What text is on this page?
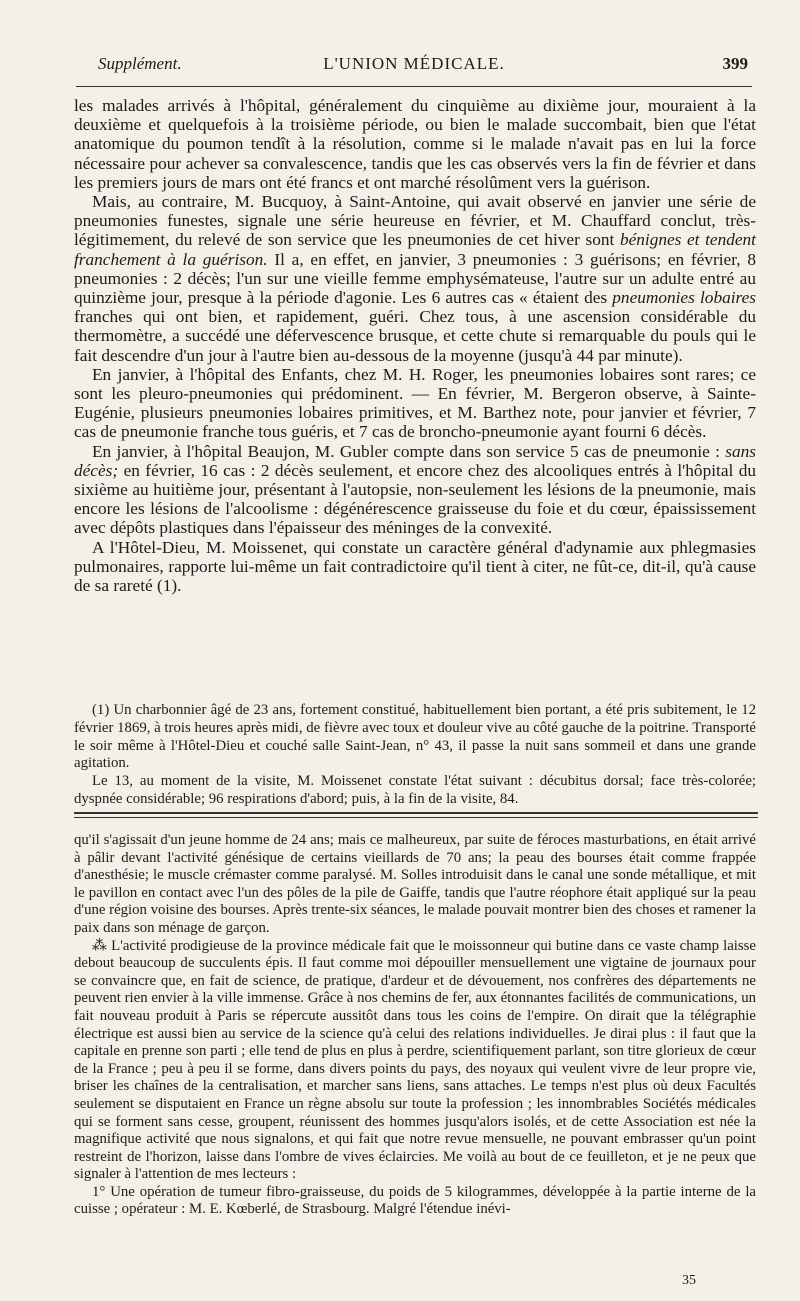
Supplément.	L'UNION MÉDICALE.	399

les malades arrivés à l'hôpital, généralement du cinquième au dixième jour, mouraient à la deuxième et quelquefois à la troisième période, ou bien le malade succombait, bien que l'état anatomique du poumon tendît à la résolution, comme si le malade n'avait pas en lui la force nécessaire pour achever sa convalescence, tandis que les cas observés vers la fin de février et dans les premiers jours de mars ont été francs et ont marché résolûment vers la guérison.

Mais, au contraire, M. Bucquoy, à Saint-Antoine, qui avait observé en janvier une série de pneumonies funestes, signale une série heureuse en février, et M. Chauffard conclut, très-légitimement, du relevé de son service que les pneumonies de cet hiver sont bénignes et tendent franchement à la guérison. Il a, en effet, en janvier, 3 pneumonies : 3 guérisons; en février, 8 pneumonies : 2 décès; l'un sur une vieille femme emphysémateuse, l'autre sur un adulte entré au quinzième jour, presque à la période d'agonie. Les 6 autres cas « étaient des pneumonies lobaires franches qui ont bien, et rapidement, guéri. Chez tous, à une ascension considérable du thermomètre, a succédé une défervescence brusque, et cette chute si remarquable du pouls qui le fait descendre d'un jour à l'autre bien au-dessous de la moyenne (jusqu'à 44 par minute).

En janvier, à l'hôpital des Enfants, chez M. H. Roger, les pneumonies lobaires sont rares; ce sont les pleuro-pneumonies qui prédominent. — En février, M. Bergeron observe, à Sainte-Eugénie, plusieurs pneumonies lobaires primitives, et M. Barthez note, pour janvier et février, 7 cas de pneumonie franche tous guéris, et 7 cas de broncho-pneumonie ayant fourni 6 décès.

En janvier, à l'hôpital Beaujon, M. Gubler compte dans son service 5 cas de pneumonie : sans décès; en février, 16 cas : 2 décès seulement, et encore chez des alcooliques entrés à l'hôpital du sixième au huitième jour, présentant à l'autopsie, non-seulement les lésions de la pneumonie, mais encore les lésions de l'alcoolisme : dégénérescence graisseuse du foie et du cœur, épaississement avec dépôts plastiques dans l'épaisseur des méninges de la convexité.

A l'Hôtel-Dieu, M. Moissenet, qui constate un caractère général d'adynamie aux phlegmasies pulmonaires, rapporte lui-même un fait contradictoire qu'il tient à citer, ne fût-ce, dit-il, qu'à cause de sa rareté (1).

(1) Un charbonnier âgé de 23 ans, fortement constitué, habituellement bien portant, a été pris subitement, le 12 février 1869, à trois heures après midi, de fièvre avec toux et douleur vive au côté gauche de la poitrine. Transporté le soir même à l'Hôtel-Dieu et couché salle Saint-Jean, n° 43, il passe la nuit sans sommeil et dans une grande agitation.

Le 13, au moment de la visite, M. Moissenet constate l'état suivant : décubitus dorsal; face très-colorée; dyspnée considérable; 96 respirations d'abord; puis, à la fin de la visite, 84.

qu'il s'agissait d'un jeune homme de 24 ans; mais ce malheureux, par suite de féroces masturbations, en était arrivé à pâlir devant l'activité génésique de certains vieillards de 70 ans; la peau des bourses était comme frappée d'anesthésie; le muscle crémaster comme paralysé. M. Solles introduisit dans le canal une sonde métallique, et mit le pavillon en contact avec l'un des pôles de la pile de Gaiffe, tandis que l'autre réophore était appliqué sur la peau d'une région voisine des bourses. Après trente-six séances, le malade pouvait montrer bien des choses et ramener la paix dans son ménage de garçon.

⁂ L'activité prodigieuse de la province médicale fait que le moissonneur qui butine dans ce vaste champ laisse debout beaucoup de succulents épis. Il faut comme moi dépouiller mensuellement une vigtaine de journaux pour se convaincre que, en fait de science, de pratique, d'ardeur et de dévouement, nos confrères des départements ne peuvent rien envier à la ville immense. Grâce à nos chemins de fer, aux étonnantes facilités de communications, un fait nouveau produit à Paris se répercute aussitôt dans tous les coins de l'empire. On dirait que la télégraphie électrique est aussi bien au service de la science qu'à celui des relations individuelles. Je dirai plus : il faut que la capitale en prenne son parti ; elle tend de plus en plus à perdre, scientifiquement parlant, son titre glorieux de cœur de la France ; peu à peu il se forme, dans divers points du pays, des noyaux qui veulent vivre de leur propre vie, briser les chaînes de la centralisation, et marcher sans liens, sans attaches. Le temps n'est plus où deux Facultés seulement se disputaient en France un règne absolu sur toute la profession ; les innombrables Sociétés médicales qui se forment sans cesse, groupent, réunissent des hommes jusqu'alors isolés, et de cette Association est née la magnifique activité que nous signalons, et qui fait que notre revue mensuelle, ne pouvant embrasser qu'un point restreint de l'horizon, laisse dans l'ombre de vives éclaircies. Me voilà au bout de ce feuilleton, et je ne peux que signaler à l'attention de mes lecteurs :

1° Une opération de tumeur fibro-graisseuse, du poids de 5 kilogrammes, développée à la partie interne de la cuisse ; opérateur : M. E. Kœberlé, de Strasbourg. Malgré l'étendue inévi-

35
